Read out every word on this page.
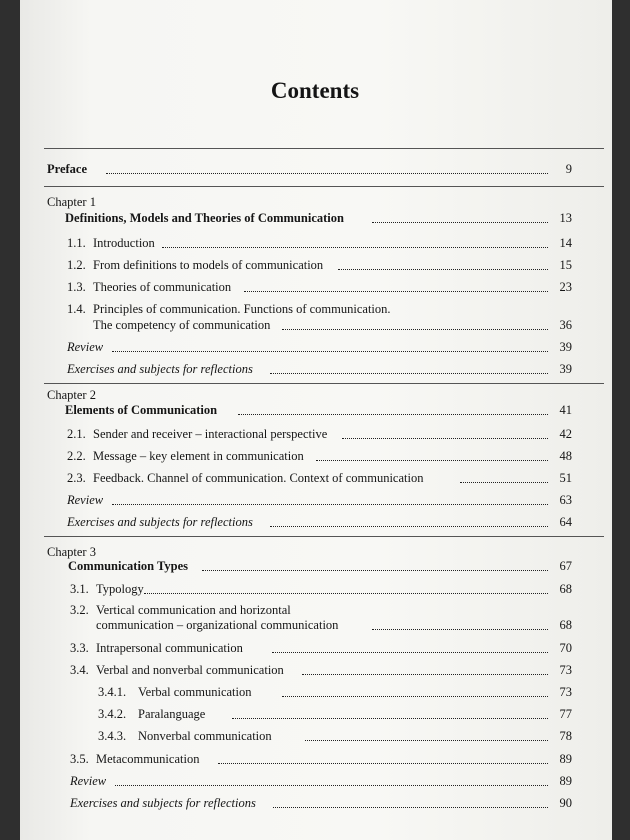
Contents
Preface	9
Chapter 1
Definitions, Models and Theories of Communication	13
1.1. Introduction	14
1.2. From definitions to models of communication	15
1.3. Theories of communication	23
1.4. Principles of communication. Functions of communication.
The competency of communication	36
Review	39
Exercises and subjects for reflections	39
Chapter 2
Elements of Communication	41
2.1. Sender and receiver – interactional perspective	42
2.2. Message – key element in communication	48
2.3. Feedback. Channel of communication. Context of communication	51
Review	63
Exercises and subjects for reflections	64
Chapter 3
Communication Types	67
3.1. Typology	68
3.2. Vertical communication and horizontal
communication – organizational communication	68
3.3. Intrapersonal communication	70
3.4. Verbal and nonverbal communication	73
3.4.1. Verbal communication	73
3.4.2. Paralanguage	77
3.4.3. Nonverbal communication	78
3.5. Metacommunication	89
Review	89
Exercises and subjects for reflections	90
